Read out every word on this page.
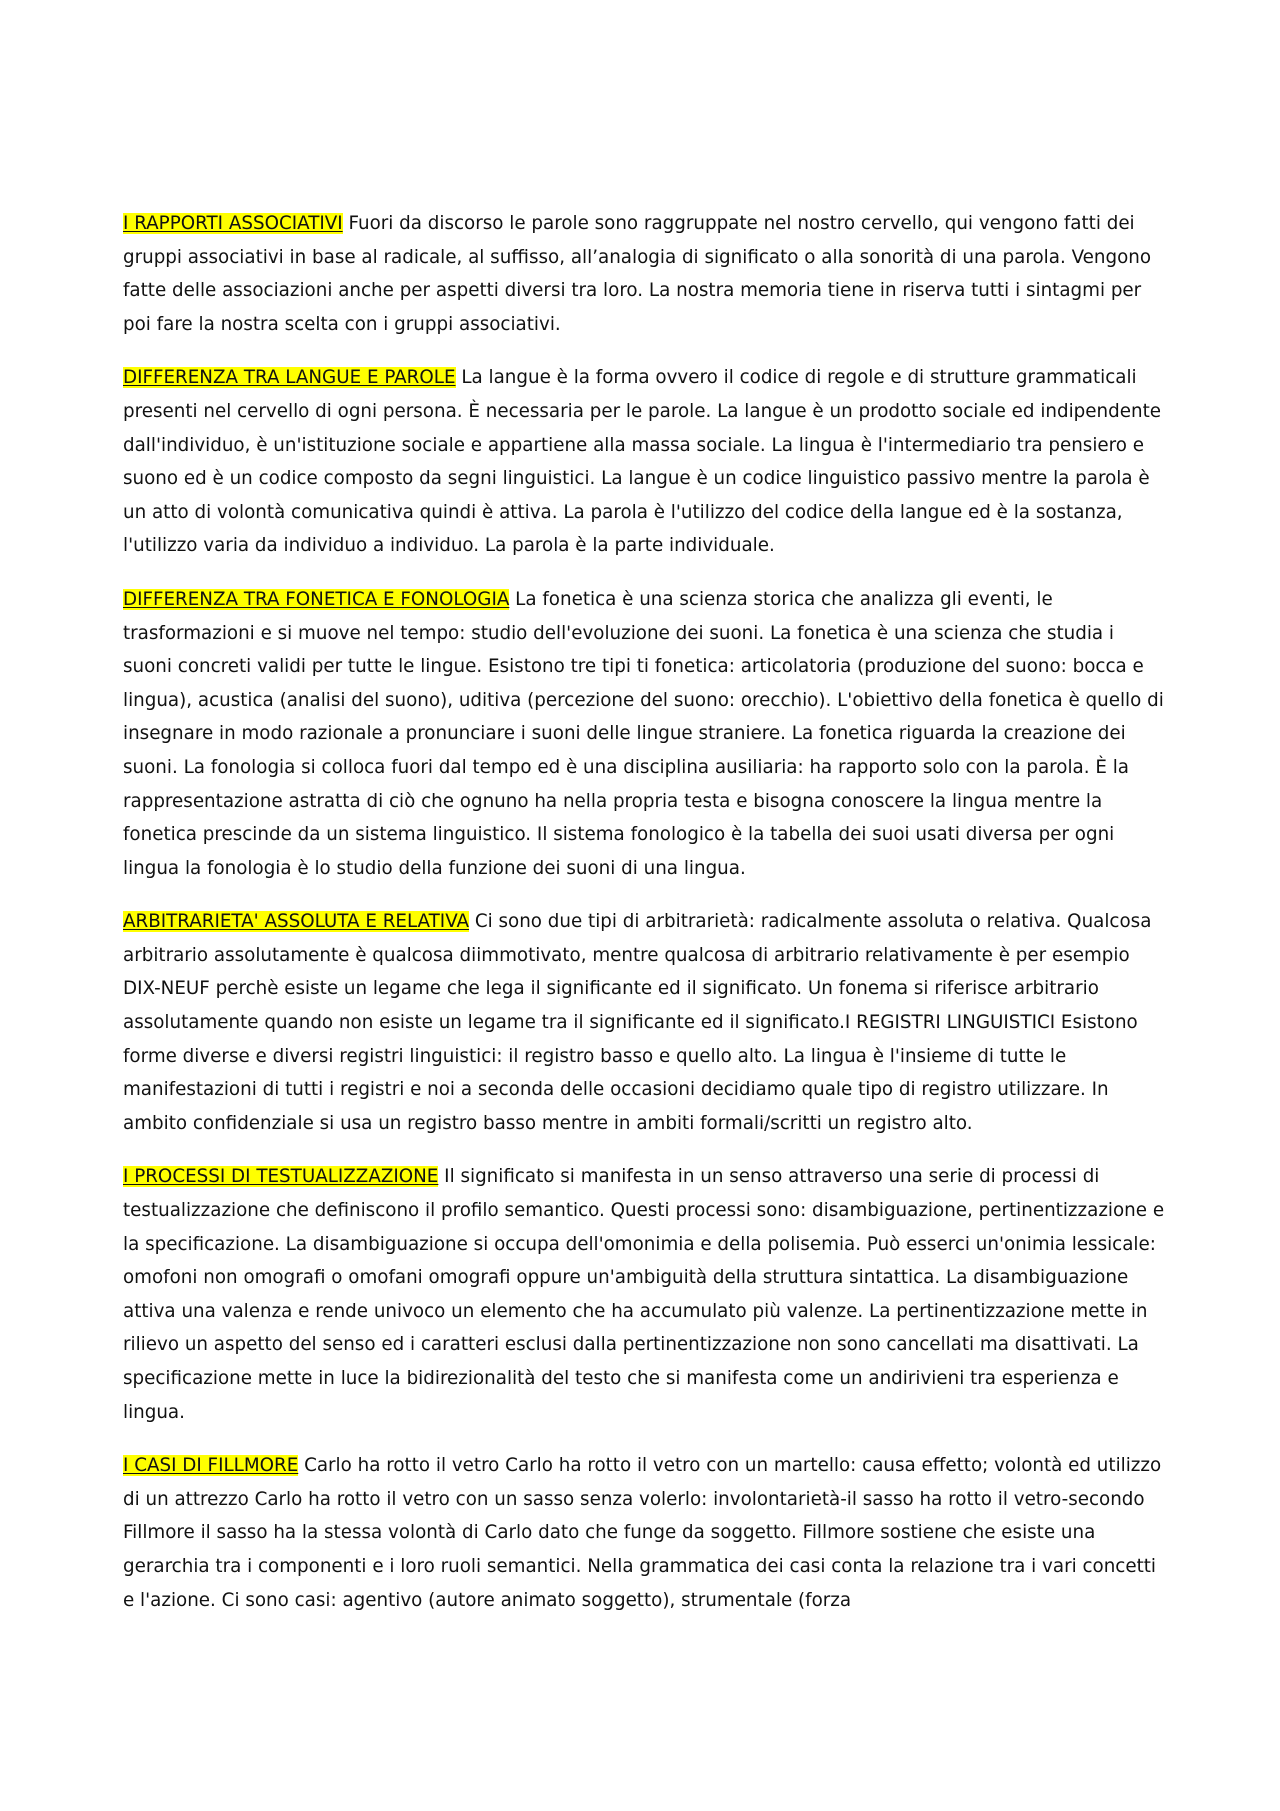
I RAPPORTI ASSOCIATIVI Fuori da discorso le parole sono raggruppate nel nostro cervello, qui vengono fatti dei gruppi associativi in base al radicale, al suffisso, all’analogia di significato o alla sonorità di una parola. Vengono fatte delle associazioni anche per aspetti diversi tra loro. La nostra memoria tiene in riserva tutti i sintagmi per poi fare la nostra scelta con i gruppi associativi.

DIFFERENZA TRA LANGUE E PAROLE La langue è la forma ovvero il codice di regole e di strutture grammaticali presenti nel cervello di ogni persona. È necessaria per le parole. La langue è un prodotto sociale ed indipendente dall'individuo, è un'istituzione sociale e appartiene alla massa sociale. La lingua è l'intermediario tra pensiero e suono ed è un codice composto da segni linguistici. La langue è un codice linguistico passivo mentre la parola è un atto di volontà comunicativa quindi è attiva. La parola è l'utilizzo del codice della langue ed è la sostanza, l'utilizzo varia da individuo a individuo. La parola è la parte individuale.

DIFFERENZA TRA FONETICA E FONOLOGIA La fonetica è una scienza storica che analizza gli eventi, le trasformazioni e si muove nel tempo: studio dell'evoluzione dei suoni. La fonetica è una scienza che studia i suoni concreti validi per tutte le lingue. Esistono tre tipi ti fonetica: articolatoria (produzione del suono: bocca e lingua), acustica (analisi del suono), uditiva (percezione del suono: orecchio). L'obiettivo della fonetica è quello di insegnare in modo razionale a pronunciare i suoni delle lingue straniere. La fonetica riguarda la creazione dei suoni. La fonologia si colloca fuori dal tempo ed è una disciplina ausiliaria: ha rapporto solo con la parola. È la rappresentazione astratta di ciò che ognuno ha nella propria testa e bisogna conoscere la lingua mentre la fonetica prescinde da un sistema linguistico. Il sistema fonologico è la tabella dei suoi usati diversa per ogni lingua la fonologia è lo studio della funzione dei suoni di una lingua.

ARBITRARIETA' ASSOLUTA E RELATIVA Ci sono due tipi di arbitrarietà: radicalmente assoluta o relativa. Qualcosa arbitrario assolutamente è qualcosa diimmotivato, mentre qualcosa di arbitrario relativamente è per esempio DIX-NEUF perchè esiste un legame che lega il significante ed il significato. Un fonema si riferisce arbitrario assolutamente quando non esiste un legame tra il significante ed il significato.I REGISTRI LINGUISTICI Esistono forme diverse e diversi registri linguistici: il registro basso e quello alto. La lingua è l'insieme di tutte le manifestazioni di tutti i registri e noi a seconda delle occasioni decidiamo quale tipo di registro utilizzare. In ambito confidenziale si usa un registro basso mentre in ambiti formali/scritti un registro alto.

I PROCESSI DI TESTUALIZZAZIONE Il significato si manifesta in un senso attraverso una serie di processi di testualizzazione che definiscono il profilo semantico. Questi processi sono: disambiguazione, pertinentizzazione e la specificazione. La disambiguazione si occupa dell'omonimia e della polisemia. Può esserci un'onimia lessicale: omofoni non omografi o omofani omografi oppure un'ambiguità della struttura sintattica. La disambiguazione attiva una valenza e rende univoco un elemento che ha accumulato più valenze. La pertinentizzazione mette in rilievo un aspetto del senso ed i caratteri esclusi dalla pertinentizzazione non sono cancellati ma disattivati. La specificazione mette in luce la bidirezionalità del testo che si manifesta come un andirivieni tra esperienza e lingua.

I CASI DI FILLMORE Carlo ha rotto il vetro Carlo ha rotto il vetro con un martello: causa effetto; volontà ed utilizzo di un attrezzo Carlo ha rotto il vetro con un sasso senza volerlo: involontarietà-il sasso ha rotto il vetro-secondo Fillmore il sasso ha la stessa volontà di Carlo dato che funge da soggetto. Fillmore sostiene che esiste una gerarchia tra i componenti e i loro ruoli semantici. Nella grammatica dei casi conta la relazione tra i vari concetti e l'azione. Ci sono casi: agentivo (autore animato soggetto), strumentale (forza
